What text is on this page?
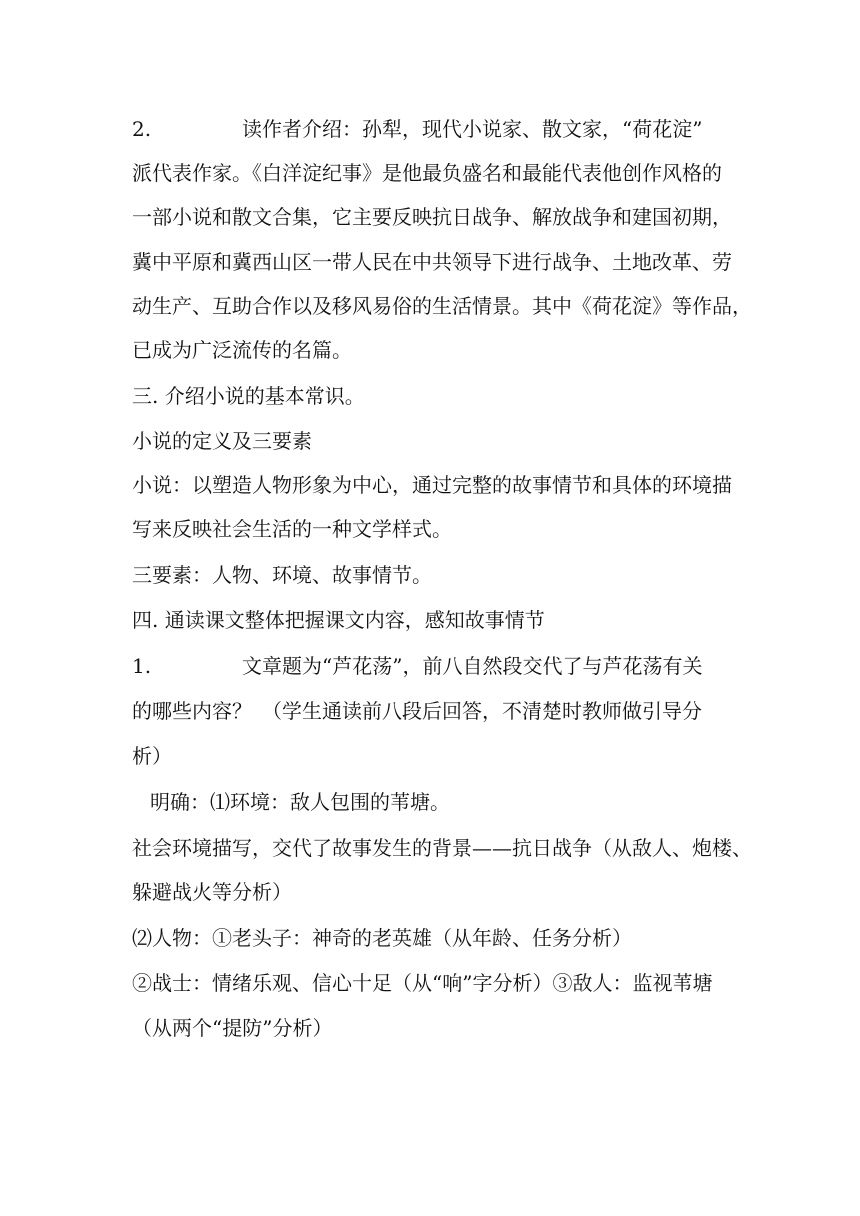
2.	读作者介绍：孙犁，现代小说家、散文家，“荷花淀”
派代表作家。《白洋淀纪事》是他最负盛名和最能代表他创作风格的
一部小说和散文合集，它主要反映抗日战争、解放战争和建国初期，
冀中平原和冀西山区一带人民在中共领导下进行战争、土地改革、劳
动生产、互助合作以及移风易俗的生活情景。其中《荷花淀》等作品，
已成为广泛流传的名篇。
三. 介绍小说的基本常识。
小说的定义及三要素
小说：以塑造人物形象为中心，通过完整的故事情节和具体的环境描
写来反映社会生活的一种文学样式。
三要素：人物、环境、故事情节。
四. 通读课文整体把握课文内容，感知故事情节
1.	文章题为“芦花荡”，前八自然段交代了与芦花荡有关
的哪些内容？　（学生通读前八段后回答，不清楚时教师做引导分
析）
明确：⑴环境：敌人包围的苇塘。
社会环境描写，交代了故事发生的背景——抗日战争（从敌人、炮楼、
躲避战火等分析）
⑵人物：①老头子：神奇的老英雄（从年龄、任务分析）
②战士：情绪乐观、信心十足（从“响”字分析）③敌人：监视苇塘
（从两个“提防”分析）
